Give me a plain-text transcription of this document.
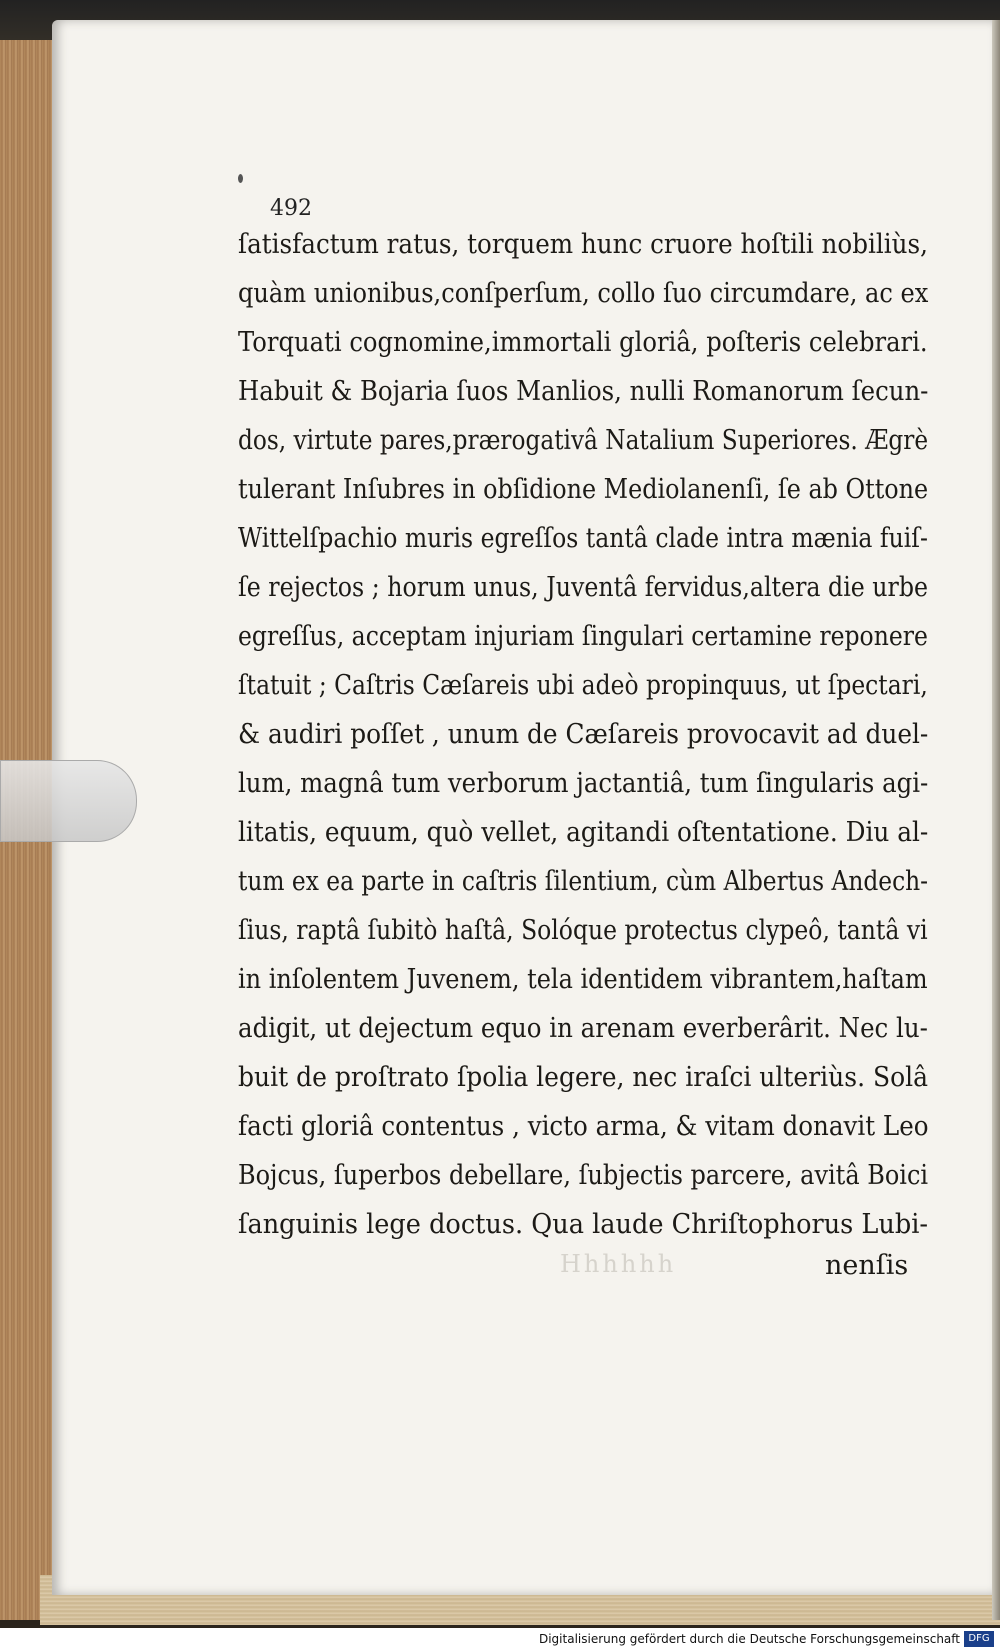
492
ſatisfactum ratus, torquem hunc cruore hoſtili nobiliùs,
quàm unionibus,conſperſum, collo ſuo circumdare, ac ex
Torquati cognomine,immortali gloriâ, poſteris celebrari.
Habuit & Bojaria ſuos Manlios, nulli Romanorum ſecun-
dos, virtute pares,prærogativâ Natalium Superiores. Ægrè
tulerant Inſubres in obſidione Mediolanenſi, ſe ab Ottone
Wittelſpachio muris egreſſos tantâ clade intra mænia fuiſ-
ſe rejectos ; horum unus, Juventâ fervidus,altera die urbe
egreſſus, acceptam injuriam ſingulari certamine reponere
ſtatuit ; Caſtris Cæſareis ubi adeò propinquus, ut ſpectari,
& audiri poſſet , unum de Cæſareis provocavit ad duel-
lum, magnâ tum verborum jactantiâ, tum ſingularis agi-
litatis, equum, quò vellet, agitandi oſtentatione. Diu al-
tum ex ea parte in caſtris ſilentium, cùm Albertus Andech-
ſius, raptâ ſubitò haſtâ, Solóque protectus clypeô, tantâ vi
in inſolentem Juvenem, tela identidem vibrantem,haſtam
adigit, ut dejectum equo in arenam everberârit. Nec lu-
buit de proſtrato ſpolia legere, nec iraſci ulteriùs. Solâ
facti gloriâ contentus , victo arma, & vitam donavit Leo
Bojcus, ſuperbos debellare, ſubjectis parcere, avitâ Boici
ſanguinis lege doctus. Qua laude Chriſtophorus Lubi-
Hhhhhh	nenſis
Digitalisierung gefördert durch die Deutsche Forschungsgemeinschaft DFG
